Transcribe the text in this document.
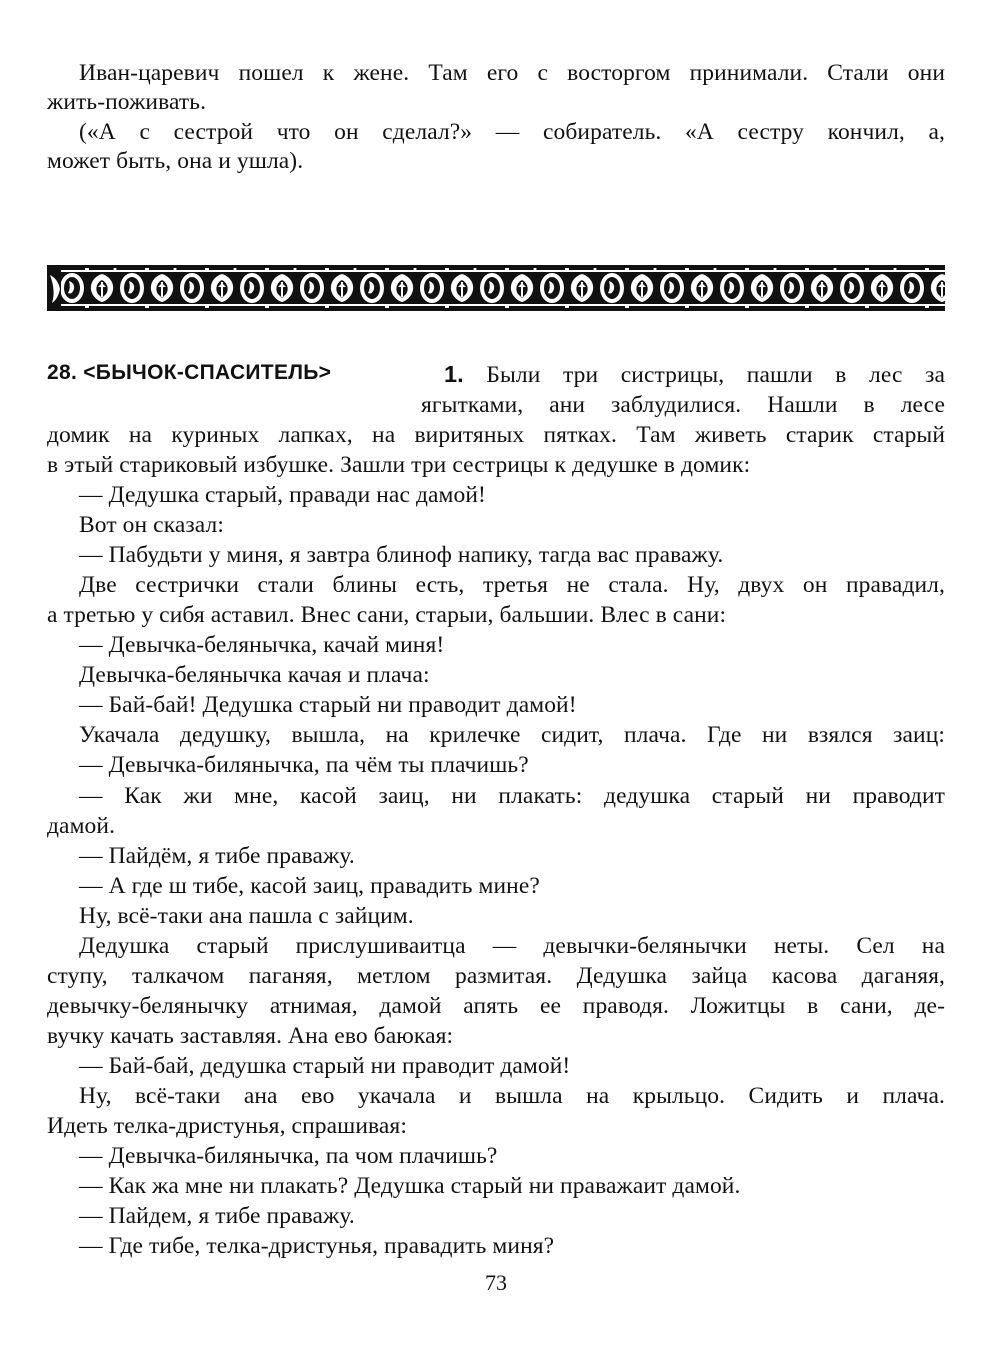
Иван-царевич пошел к жене. Там его с восторгом принимали. Стали они
жить-поживать.
(«А с сестрой что он сделал?» — собиратель. «А сестру кончил, а,
может быть, она и ушла).
28. <БЫЧОК-СПАСИТЕЛЬ>	1. Были три систрицы, пашли в лес за
ягытками, ани заблудилися. Нашли в лесе
домик на куриных лапках, на виритяных пятках. Там живеть старик старый
в этый стариковый избушке. Зашли три сестрицы к дедушке в домик:
— Дедушка старый, правади нас дамой!
Вот он сказал:
— Пабудьти у миня, я завтра блиноф напику, тагда вас праважу.
Две сестрички стали блины есть, третья не стала. Ну, двух он правадил,
а третью у сибя аставил. Внес сани, старыи, бальшии. Влес в сани:
— Девычка-белянычка, качай миня!
Девычка-белянычка качая и плача:
— Бай-бай! Дедушка старый ни праводит дамой!
Укачала дедушку, вышла, на крилечке сидит, плача. Где ни взялся заиц:
— Девычка-билянычка, па чём ты плачишь?
— Как жи мне, касой заиц, ни плакать: дедушка старый ни праводит
дамой.
— Пайдём, я тибе праважу.
— А где ш тибе, касой заиц, правадить мине?
Ну, всё-таки ана пашла с зайцим.
Дедушка старый прислушиваитца — девычки-белянычки неты. Сел на
ступу, талкачом паганяя, метлом размитая. Дедушка зайца касова даганяя,
девычку-белянычку атнимая, дамой апять ее праводя. Ложитцы в сани, де-
вучку качать заставляя. Ана ево баюкая:
— Бай-бай, дедушка старый ни праводит дамой!
Ну, всё-таки ана ево укачала и вышла на крыльцо. Сидить и плача.
Идеть телка-дристунья, спрашивая:
— Девычка-билянычка, па чом плачишь?
— Как жа мне ни плакать? Дедушка старый ни праважаит дамой.
— Пайдем, я тибе праважу.
— Где тибе, телка-дристунья, правадить миня?
73
